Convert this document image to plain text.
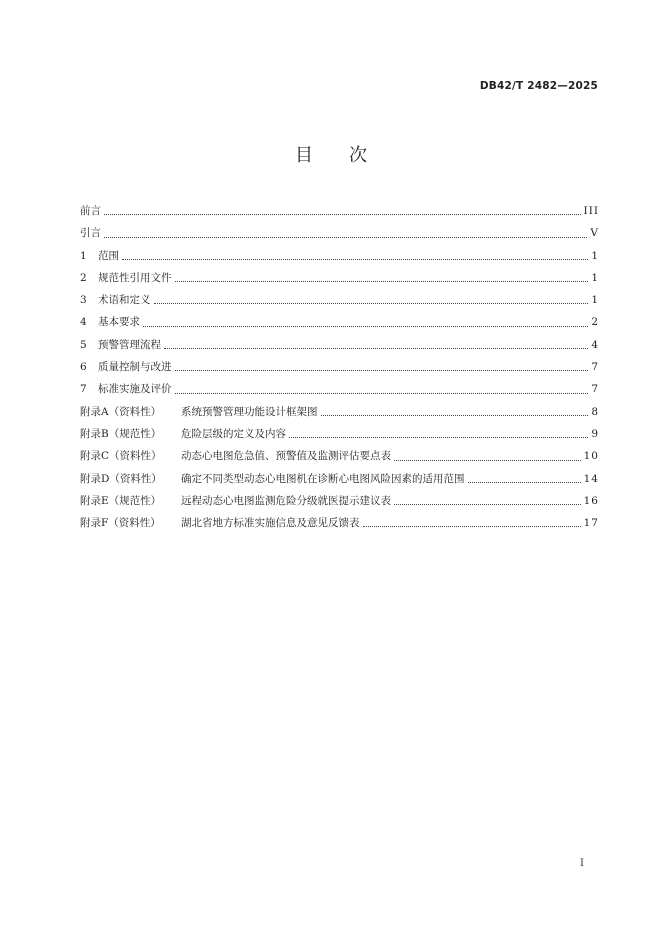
DB42/T 2482—2025
目次
前言	III
引言	V
1	范围	1
2	规范性引用文件	1
3	术语和定义	1
4	基本要求	2
5	预警管理流程	4
6	质量控制与改进	7
7	标准实施及评价	7
附录A（资料性）	系统预警管理功能设计框架图	8
附录B（规范性）	危险层级的定义及内容	9
附录C（资料性）	动态心电图危急值、预警值及监测评估要点表	10
附录D（资料性）	确定不同类型动态心电图机在诊断心电图风险因素的适用范围	14
附录E（规范性）	远程动态心电图监测危险分级就医提示建议表	16
附录F（资料性）	湖北省地方标准实施信息及意见反馈表	17
I
